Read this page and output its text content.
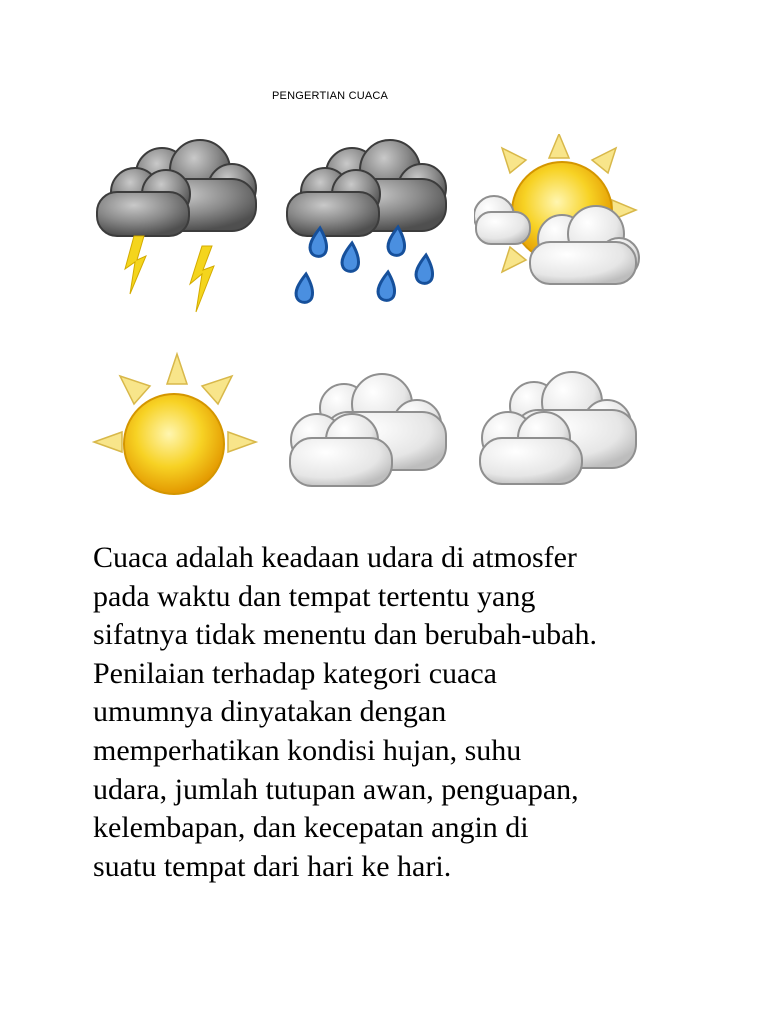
PENGERTIAN CUACA
Cuaca adalah keadaan udara di atmosfer
pada waktu dan tempat tertentu yang
sifatnya tidak menentu dan berubah-ubah.
Penilaian terhadap kategori cuaca
umumnya dinyatakan dengan
memperhatikan kondisi hujan, suhu
udara, jumlah tutupan awan, penguapan,
kelembapan, dan kecepatan angin di
suatu tempat dari hari ke hari.
